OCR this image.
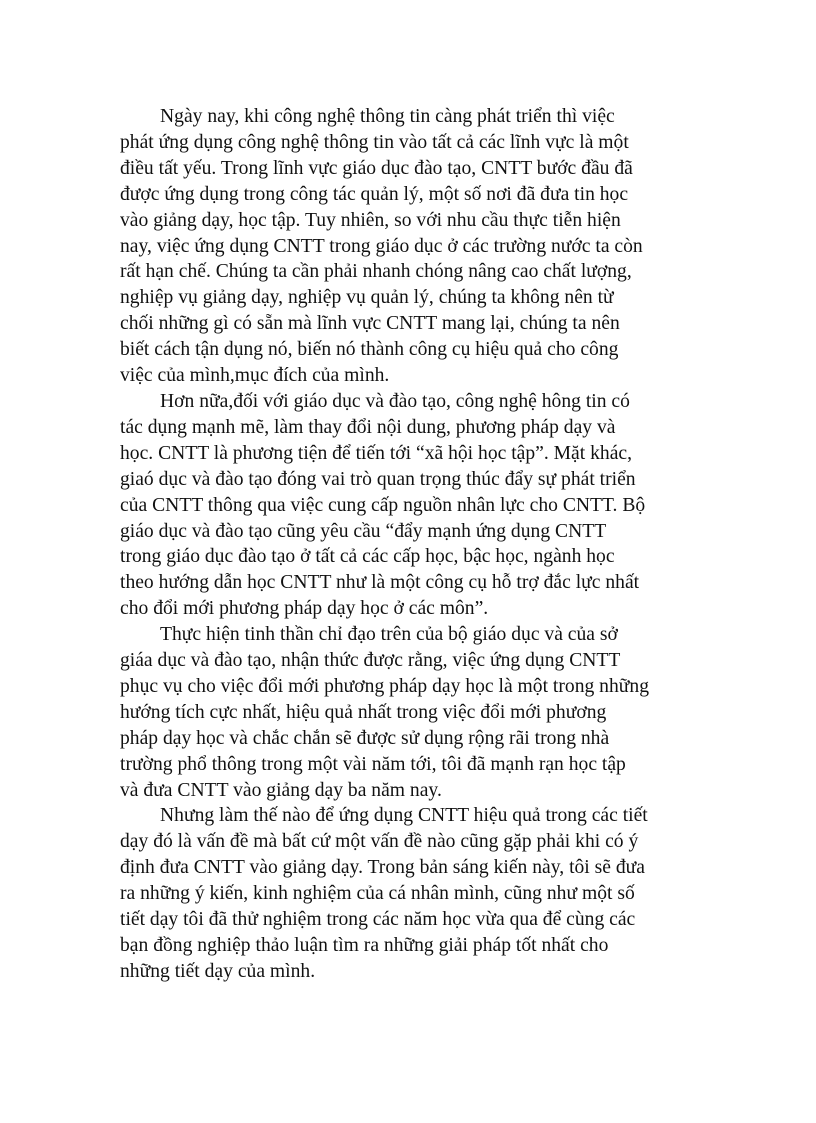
Ngày nay, khi công nghệ thông tin càng phát triển thì việc
phát ứng dụng công nghệ thông tin vào tất cả các lĩnh vực là một
điều tất yếu. Trong lĩnh vực giáo dục đào tạo, CNTT bước đầu đã
được ứng dụng trong công tác quản lý, một số nơi đã đưa tin học
vào giảng dạy, học tập. Tuy nhiên, so với nhu cầu thực tiễn hiện
nay, việc ứng dụng CNTT trong giáo dục ở các trường nước ta còn
rất hạn chế. Chúng ta cần phải nhanh chóng nâng cao chất lượng,
nghiệp vụ giảng dạy, nghiệp vụ quản lý, chúng ta không nên từ
chối những gì có sẵn mà lĩnh vực CNTT mang lại, chúng ta nên
biết cách tận dụng nó, biến nó thành công cụ hiệu quả cho công
việc của mình,mục đích của mình.

Hơn nữa,đối với giáo dục và đào tạo, công nghệ hông tin có
tác dụng mạnh mẽ, làm thay đổi nội dung, phương pháp dạy và
học. CNTT là phương tiện để tiến tới “xã hội học tập”. Mặt khác,
giaó dục và đào tạo đóng vai trò quan trọng thúc đẩy sự phát triển
của CNTT thông qua việc cung cấp nguồn nhân lực cho CNTT. Bộ
giáo dục và đào tạo cũng yêu cầu “đẩy mạnh ứng dụng CNTT
trong giáo dục đào tạo ở tất cả các cấp học, bậc học, ngành học
theo hướng dẫn học CNTT như là một công cụ hỗ trợ đắc lực nhất
cho đổi mới phương pháp dạy học ở các môn”.

Thực hiện tinh thần chỉ đạo trên của bộ giáo dục và của sở
giáa dục và đào tạo, nhận thức được rằng, việc ứng dụng CNTT
phục vụ cho việc đổi mới phương pháp dạy học là một trong những
hướng tích cực nhất, hiệu quả nhất trong việc đổi mới phương
pháp dạy học và chắc chắn sẽ được sử dụng rộng rãi trong nhà
trường phổ thông trong một vài năm tới, tôi đã mạnh rạn học tập
và đưa CNTT vào giảng dạy ba năm nay.

Nhưng làm thế nào để ứng dụng CNTT hiệu quả trong các tiết
dạy đó là vấn đề mà bất cứ một vấn đề nào cũng gặp phải khi có ý
định đưa CNTT vào giảng dạy. Trong bản sáng kiến này, tôi sẽ đưa
ra những ý kiến, kinh nghiệm của cá nhân mình, cũng như một số
tiết dạy tôi đã thử nghiệm trong các năm học vừa qua để cùng các
bạn đồng nghiệp thảo luận tìm ra những giải pháp tốt nhất cho
những tiết dạy của mình.
